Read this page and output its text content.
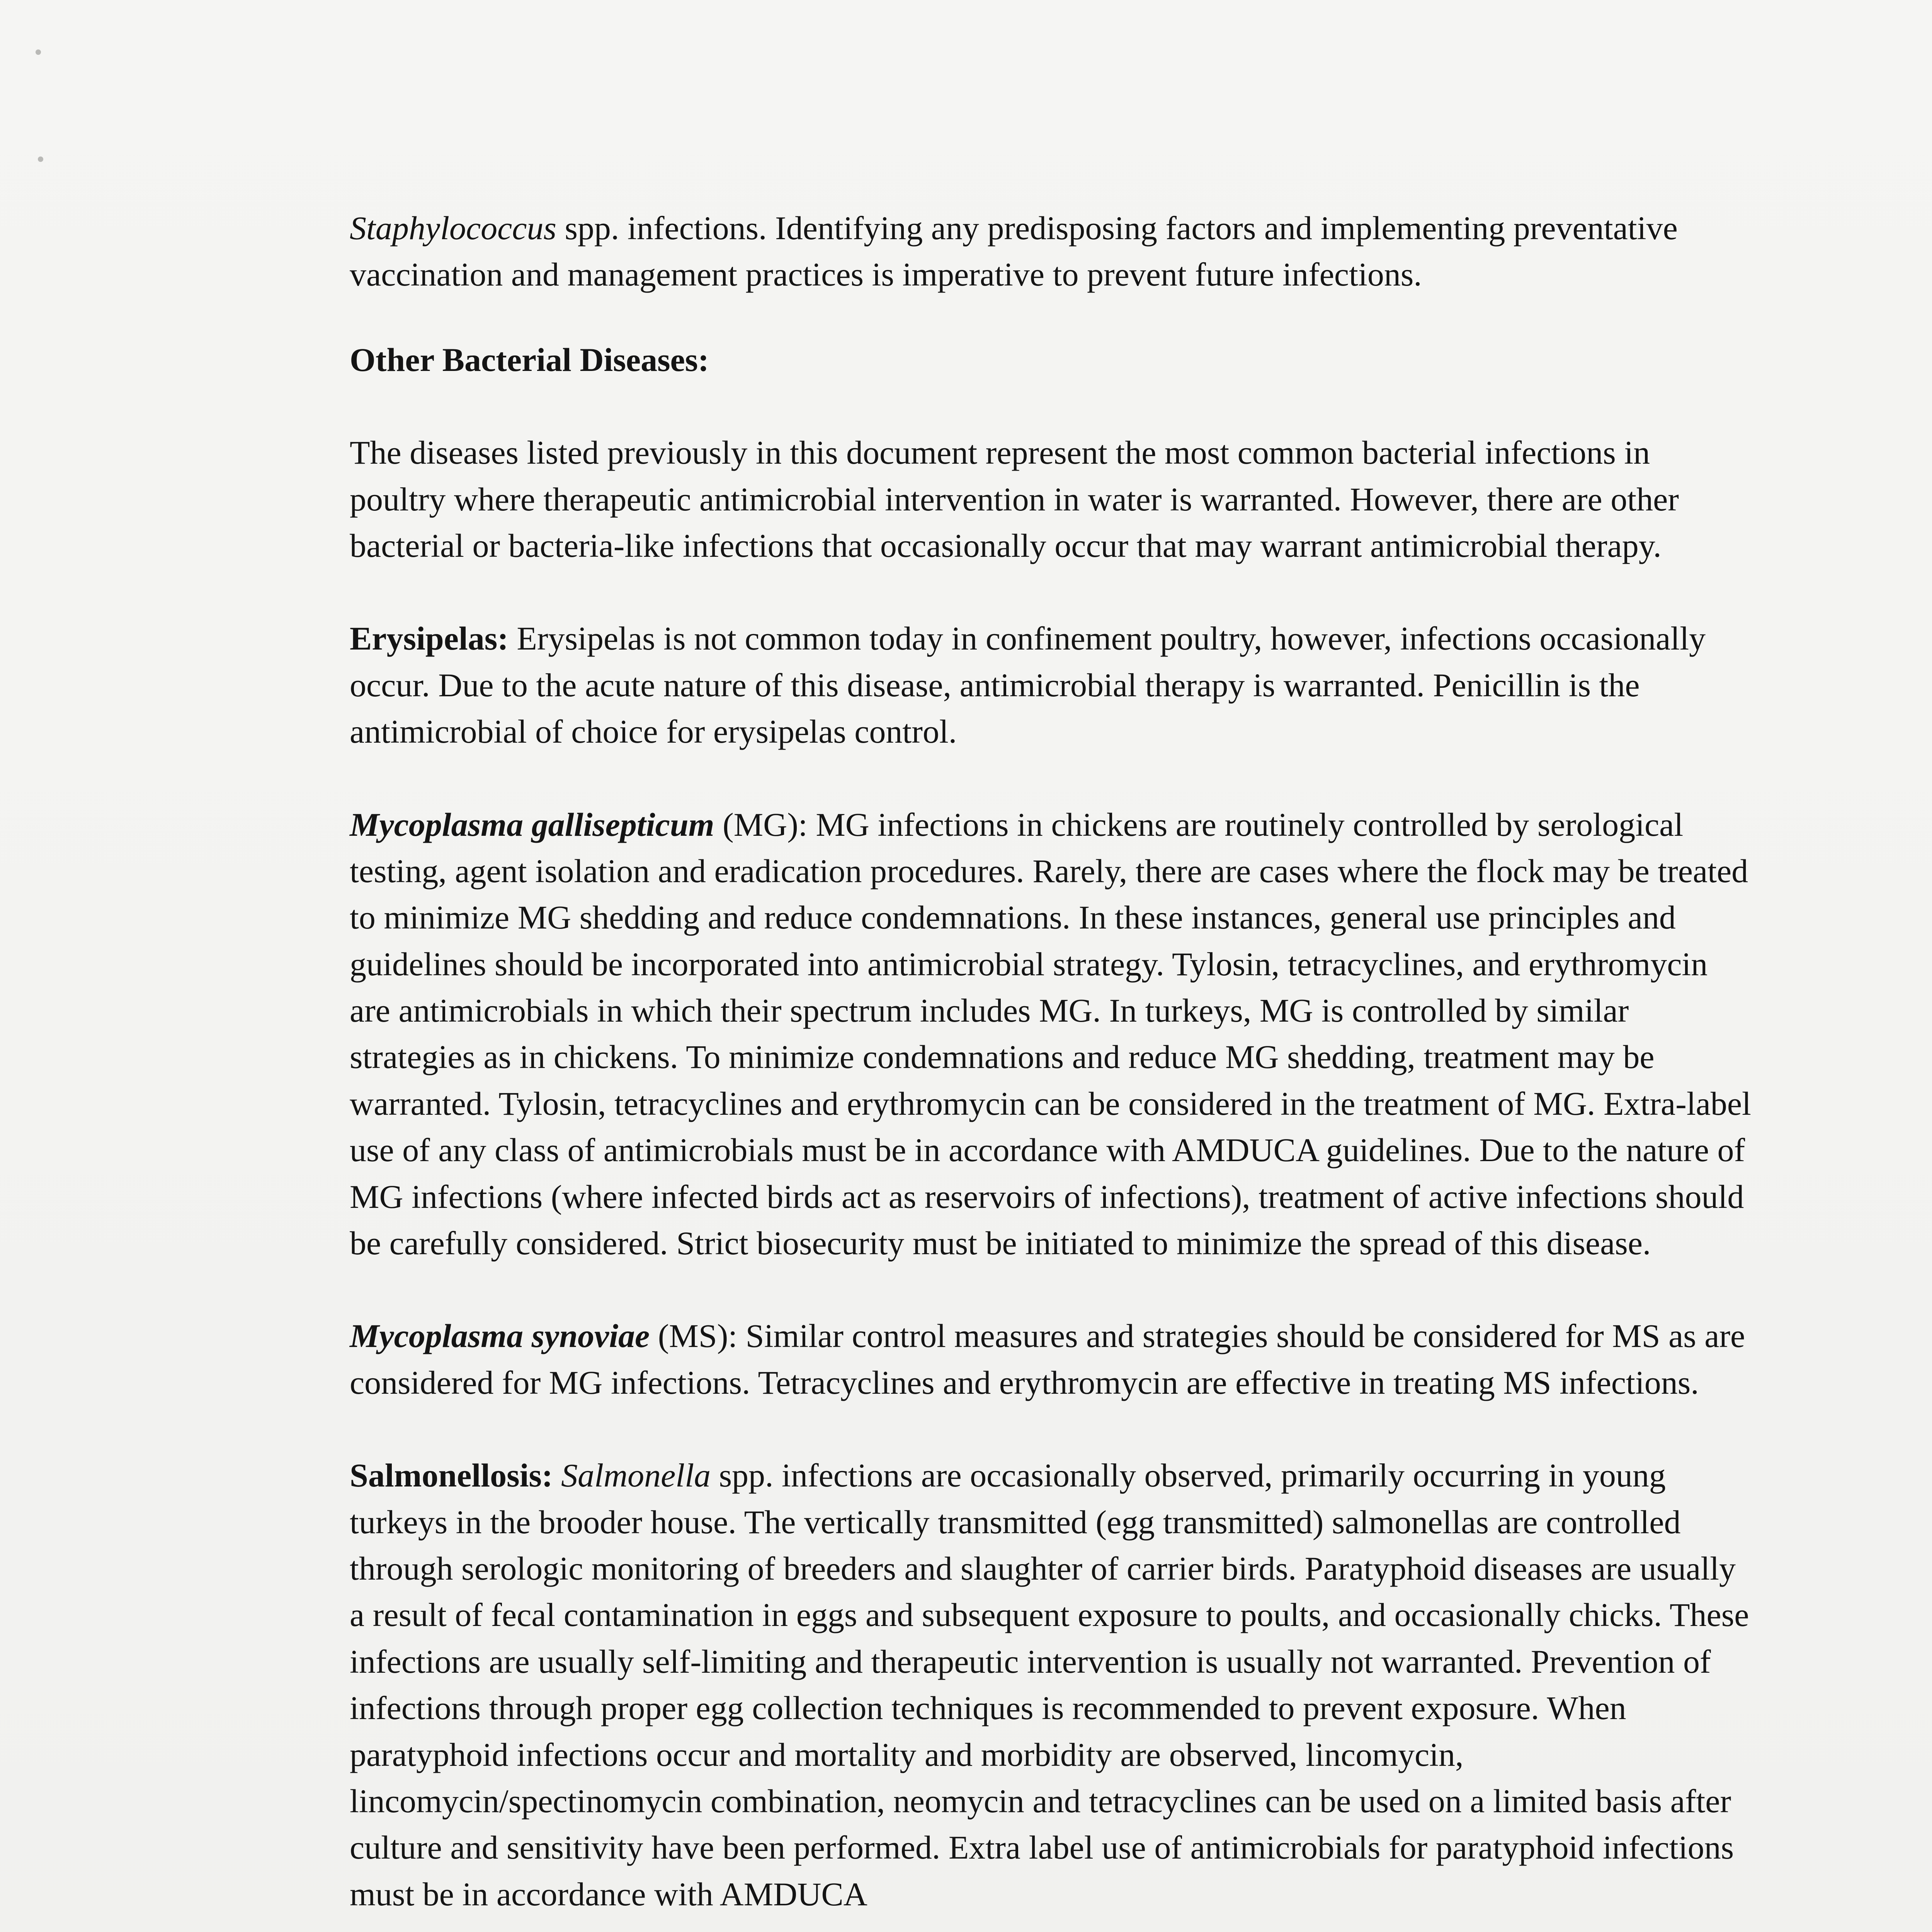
Staphylococcus spp. infections. Identifying any predisposing factors and implementing preventative vaccination and management practices is imperative to prevent future infections.

Other Bacterial Diseases:

The diseases listed previously in this document represent the most common bacterial infections in poultry where therapeutic antimicrobial intervention in water is warranted. However, there are other bacterial or bacteria-like infections that occasionally occur that may warrant antimicrobial therapy.

Erysipelas: Erysipelas is not common today in confinement poultry, however, infections occasionally occur. Due to the acute nature of this disease, antimicrobial therapy is warranted. Penicillin is the antimicrobial of choice for erysipelas control.

Mycoplasma gallisepticum (MG): MG infections in chickens are routinely controlled by serological testing, agent isolation and eradication procedures. Rarely, there are cases where the flock may be treated to minimize MG shedding and reduce condemnations. In these instances, general use principles and guidelines should be incorporated into antimicrobial strategy. Tylosin, tetracyclines, and erythromycin are antimicrobials in which their spectrum includes MG. In turkeys, MG is controlled by similar strategies as in chickens. To minimize condemnations and reduce MG shedding, treatment may be warranted. Tylosin, tetracyclines and erythromycin can be considered in the treatment of MG. Extra-label use of any class of antimicrobials must be in accordance with AMDUCA guidelines. Due to the nature of MG infections (where infected birds act as reservoirs of infections), treatment of active infections should be carefully considered. Strict biosecurity must be initiated to minimize the spread of this disease.

Mycoplasma synoviae (MS): Similar control measures and strategies should be considered for MS as are considered for MG infections. Tetracyclines and erythromycin are effective in treating MS infections.

Salmonellosis: Salmonella spp. infections are occasionally observed, primarily occurring in young turkeys in the brooder house. The vertically transmitted (egg transmitted) salmonellas are controlled through serologic monitoring of breeders and slaughter of carrier birds. Paratyphoid diseases are usually a result of fecal contamination in eggs and subsequent exposure to poults, and occasionally chicks. These infections are usually self-limiting and therapeutic intervention is usually not warranted. Prevention of infections through proper egg collection techniques is recommended to prevent exposure. When paratyphoid infections occur and mortality and morbidity are observed, lincomycin, lincomycin/spectinomycin combination, neomycin and tetracyclines can be used on a limited basis after culture and sensitivity have been performed. Extra label use of antimicrobials for paratyphoid infections must be in accordance with AMDUCA
